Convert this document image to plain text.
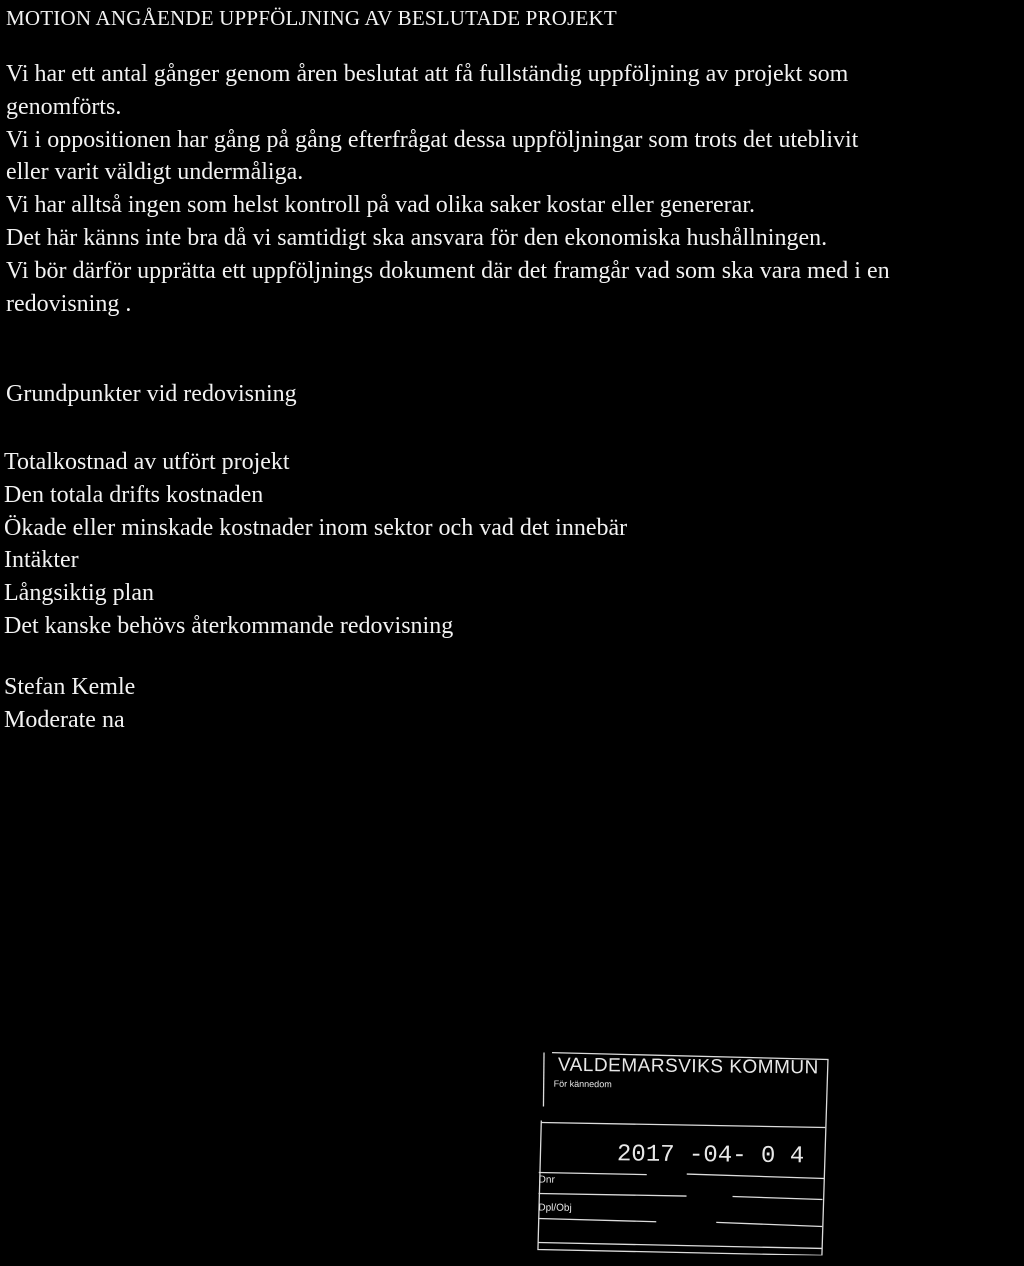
MOTION ANGÅENDE UPPFÖLJNING AV BESLUTADE PROJEKT

Vi har ett antal gånger genom åren beslutat att få fullständig uppföljning av projekt som genomförts.

Vi i oppositionen har gång på gång efterfrågat dessa uppföljningar som trots det uteblivit eller varit väldigt undermåliga.

Vi har alltså ingen som helst kontroll på vad olika saker kostar eller genererar.

Det här känns inte bra då vi samtidigt ska ansvara för den ekonomiska hushållningen.

Vi bör därför upprätta ett uppföljnings dokument där det framgår vad som ska vara med i en redovisning .

Grundpunkter vid redovisning
Totalkostnad av utfört projekt
Den totala drifts kostnaden
Ökade eller minskade kostnader inom sektor och vad det innebär
Intäkter
Långsiktig plan
Det kanske behövs återkommande redovisning
Stefan Kemle
Moderate na
VALDEMARSVIKS KOMMUN
För kännedom
2017 -04- 0 4
Dnr
Dpl/Obj
